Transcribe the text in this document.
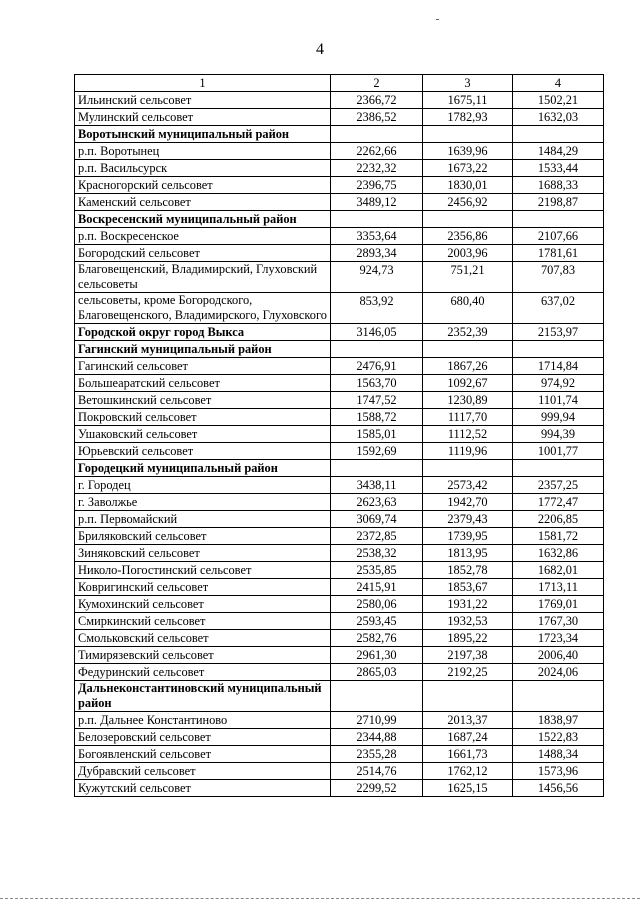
4
1	2	3	4
Ильинский сельсовет	2366,72	1675,11	1502,21
Мулинский сельсовет	2386,52	1782,93	1632,03
Воротынский муниципальный район			
р.п. Воротынец	2262,66	1639,96	1484,29
р.п. Васильсурск	2232,32	1673,22	1533,44
Красногорский сельсовет	2396,75	1830,01	1688,33
Каменский сельсовет	3489,12	2456,92	2198,87
Воскресенский муниципальный район			
р.п. Воскресенское	3353,64	2356,86	2107,66
Богородский сельсовет	2893,34	2003,96	1781,61
Благовещенский, Владимирский, Глуховский сельсоветы	924,73	751,21	707,83
сельсоветы, кроме Богородского, Благовещенского, Владимирского, Глуховского	853,92	680,40	637,02
Городской округ город Выкса	3146,05	2352,39	2153,97
Гагинский муниципальный район			
Гагинский сельсовет	2476,91	1867,26	1714,84
Большеаратский сельсовет	1563,70	1092,67	974,92
Ветошкинский сельсовет	1747,52	1230,89	1101,74
Покровский сельсовет	1588,72	1117,70	999,94
Ушаковский сельсовет	1585,01	1112,52	994,39
Юрьевский сельсовет	1592,69	1119,96	1001,77
Городецкий муниципальный район			
г. Городец	3438,11	2573,42	2357,25
г. Заволжье	2623,63	1942,70	1772,47
р.п. Первомайский	3069,74	2379,43	2206,85
Бриляковский сельсовет	2372,85	1739,95	1581,72
Зиняковский сельсовет	2538,32	1813,95	1632,86
Николо-Погостинский сельсовет	2535,85	1852,78	1682,01
Ковригинский сельсовет	2415,91	1853,67	1713,11
Кумохинский сельсовет	2580,06	1931,22	1769,01
Смиркинский сельсовет	2593,45	1932,53	1767,30
Смольковский сельсовет	2582,76	1895,22	1723,34
Тимирязевский сельсовет	2961,30	2197,38	2006,40
Федуринский сельсовет	2865,03	2192,25	2024,06
Дальнеконстантиновский муниципальный район			
р.п. Дальнее Константиново	2710,99	2013,37	1838,97
Белозеровский сельсовет	2344,88	1687,24	1522,83
Богоявленский сельсовет	2355,28	1661,73	1488,34
Дубравский сельсовет	2514,76	1762,12	1573,96
Кужутский сельсовет	2299,52	1625,15	1456,56
